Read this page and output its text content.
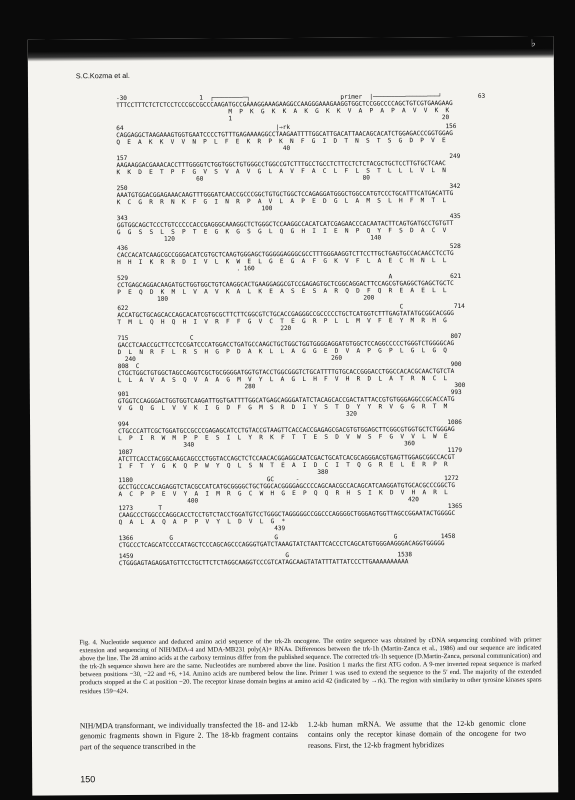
♭
S.C.Kozma et al.
-30                    1  ┌─────────┐                         primer  |──────────────────┘          63
TTTCCTTTCTCTCTCCTCCCGCCGCCCAAGATGCCGAAAGGAAAGAAGGCCAAGGGAAAGAAGGTGGCTCCGGCCCCAGCTGTCGTGAAGAAG
M  P  K  G  K  K  A  K  G  K  K  V  A  P  A  P  A  V  V  K  K
1                                                          20

64                                          |→rk                                           156
CAGGAGGCTAAGAAAGTGGTGAATCCCCTGTTTGAGAAAAGGCCTAAGAATTTTGGCATTGACATTAACAGCACATCTGGAGACCCGGTGGAG
Q  E  A  K  K  V  V  N  P  L  F  E  K  R  P  K  N  F  G  I  D  T  N  S  T  S  G  D  P  V  E
40

157                                                                                         249
AAGAAGGACGAAACACCTTTGGGGTCTGGTGGCTGTGGGCCTGGCCGTCTTTGCCTGCCTCTTCCTCTCTACGCTGCTCCTTGTGCTCAAC
K  K  D  E  T  P  F  G  V  S  V  A  V  G  L  A  V  F  A  C  L  F  L  S  T  L  L  L  V  L  N
60                                            80

250                                                                                         342
AAATGTGGACGGAGAAACAAGTTTGGGATCAACCGCCCGGCTGTGCTGGCTCCAGAGGATGGGCTGGCCATGTCCCTGCATTTCATGACATTG
K  C  G  R  R  N  K  F  G  I  N  R  P  A  V  L  A  P  E  D  G  L  A  M  S  L  H  F  M  T  L
100

343                                                                                         435
GGTGGCAGCTCCCTGTCCCCCACCGAGGGCAAAGGCTCTGGGCTCCAAGGCCACATCATCGAGAACCCACAATACTTCAGTGATGCCTGTGTT
G  G  S  S  L  S  P  T  E  G  K  G  S  G  L  Q  G  H  I  I  E  N  P  Q  Y  F  S  D  A  C  V
120                                                      140

436                                                                                         528
CACCACATCAAGCGCCGGGACATCGTGCTCAAGTGGGAGCTGGGGGAGGGCGCCTTTGGGAAGGTCTTCCTTGCTGAGTGCCACAACCTCCTG
H  H  I  K  R  R  D  I  V  L  K  W  E  L  G  E  G  A  F  G  K  V  F  L  A  E  C  H  N  L  L
. 160

529                                                                        A                621
CCTGAGCAGGACAAGATGCTGGTGGCTGTCAAGGCACTGAAGGAGGCGTCCGAGAGTGCTCGGCAGGACTTCCAGCGTGAGGCTGAGCTGCTC
P  E  Q  D  K  M  L  V  A  V  K  A  L  K  E  A  S  E  S  A  R  Q  D  F  Q  R  E  A  E  L  L
180                                                      200

622                                                                           C              714
ACCATGCTGCAGCACCAGCACATCGTGCGCTTCTTCGGCGTCTGCACCGAGGGCCGCCCCCTGCTCATGGTCTTTGAGTATATGCGGCACGGG
T  M  L  Q  H  Q  H  I  V  R  F  F  G  V  C  T  E  G  R  P  L  L  M  V  F  E  Y  M  R  H  G
220

715                 C                                                                       807
GACCTCAACCGCTTCCTCCGATCCCATGGACCTGATGCCAAGCTGCTGGCTGGTGGGGAGGATGTGGCTCCAGGCCCCCTGGGTCTGGGGCAG
D  L  N  R  F  L  R  S  H  G  P  D  A  K  L  L  A  G  G  E  D  V  A  P  G  P  L  G  L  G  Q
240                                                      260
808  C                                                                                      900
CTGCTGGCTGTGGCTAGCCAGGTCGCTGCGGGGATGGTGTACCTGGCGGGTCTGCATTTTGTGCACCGGGACCTGGCCACACGCAACTGTCTA
L  L  A  V  A  S  Q  V  A  A  G  M  V  Y  L  A  G  L  H  F  V  H  R  D  L  A  T  R  N  C  L
280                                                       300
901                                                                                         993
GTGGTCCAGGGACTGGTGGTCAAGATTGGTGATTTTGGCATGAGCAGGGATATCTACAGCACCGACTATTACCGTGTGGGAGGCCGCACCATG
V  G  Q  G  L  V  V  K  I  G  D  F  G  M  S  R  D  I  Y  S  T  D  Y  Y  R  V  G  G  R  T  M
320

994                                                                                        1086
CTGCCCATTCGCTGGATGCCGCCCGAGAGCATCCTGTACCGTAAGTTCACCACCGAGAGCGACGTGTGGAGCTTCGGCGTGGTGCTCTGGGAG
L  P  I  R  W  M  P  P  E  S  I  L  Y  R  K  F  T  T  E  S  D  V  W  S  F  G  V  V  L  W  E
340                                                          360
1087                                                                                       1179
ATCTTCACCTACGGCAAGCAGCCCTGGTACCAGCTCTCCAACACGGAGGCAATCGACTGCATCACGCAGGGACGTGAGTTGGAGCGGCCACGT
I  F  T  Y  G  K  Q  P  W  Y  Q  L  S  N  T  E  A  I  D  C  I  T  Q  G  R  E  L  E  R  P  R
380
1180                                     GC      -                                        1272
GCCTGCCCACCAGAGGTCTACGCCATCATGCGGGGCTGCTGGCACGGGGAGCCCCAGCAACGCCACAGCATCAAGGATGTGCACGCCCGGCTG
A  C  P  P  E  V  Y  A  I  M  R  G  C  W  H  G  E  P  Q  Q  R  H  S  I  K  D  V  H  A  R  L
400                                                          420
1273       T                                                                               1365
CAAGCCCTGGCCCAGGCACCTCCTGTCTACCTGGATGTCCTGGGCTAGGGGGCCGGCCCAGGGGCTGGGAGTGGTTAGCCGGAATACTGGGGC
Q  A  L  A  Q  A  P  P  V  Y  L  D  V  L  G  *
439

1366          G                            G                                G            1458
CTGCCCTCAGCATCCCCATAGCTCCCAGCAGCCCAGGGTGATCTAAAGTATCTAATTCACCCTCAGCATGTGGGAAGGGACAGGTGGGGG

1459                                          G                              1538
CTGGGAGTAGAGGATGTTCCTGCTTCTCTAGGCAAGGTCCCGTCATAGCAAGTATATTTATTATCCCTTGAAAAAAAAAA
Fig. 4. Nucleotide sequence and deduced amino acid sequence of the trk-2h oncogene. The entire sequence was obtained by cDNA sequencing combined with primer extension and sequencing of NIH/MDA-4 and MDA-MB231 poly(A)+ RNAs. Differences between the trk-1h (Martin-Zanca et al., 1986) and our sequence are indicated above the line. The 28 amino acids at the carboxy terminus differ from the published sequence. The corrected trk-1h sequence (D.Martin-Zanca, personal communication) and the trk-2h sequence shown here are the same. Nucleotides are numbered above the line. Position 1 marks the first ATG codon. A 9-mer inverted repeat sequence is marked between positions −30, −22 and +6, +14. Amino acids are numbered below the line. Primer 1 was used to extend the sequence to the 5′ end. The majority of the extended products stopped at the C at position −20. The receptor kinase domain begins at amino acid 42 (indicated by →rk). The region with similarity to other tyrosine kinases spans residues 159−424.
NIH/MDA transformant, we individually transfected the 18- and 12-kb genomic fragments shown in Figure 2. The 18-kb fragment contains part of the sequence transcribed in the
1.2-kb human mRNA. We assume that the 12-kb genomic clone contains only the receptor kinase domain of the oncogene for two reasons. First, the 12-kb fragment hybridizes
150
